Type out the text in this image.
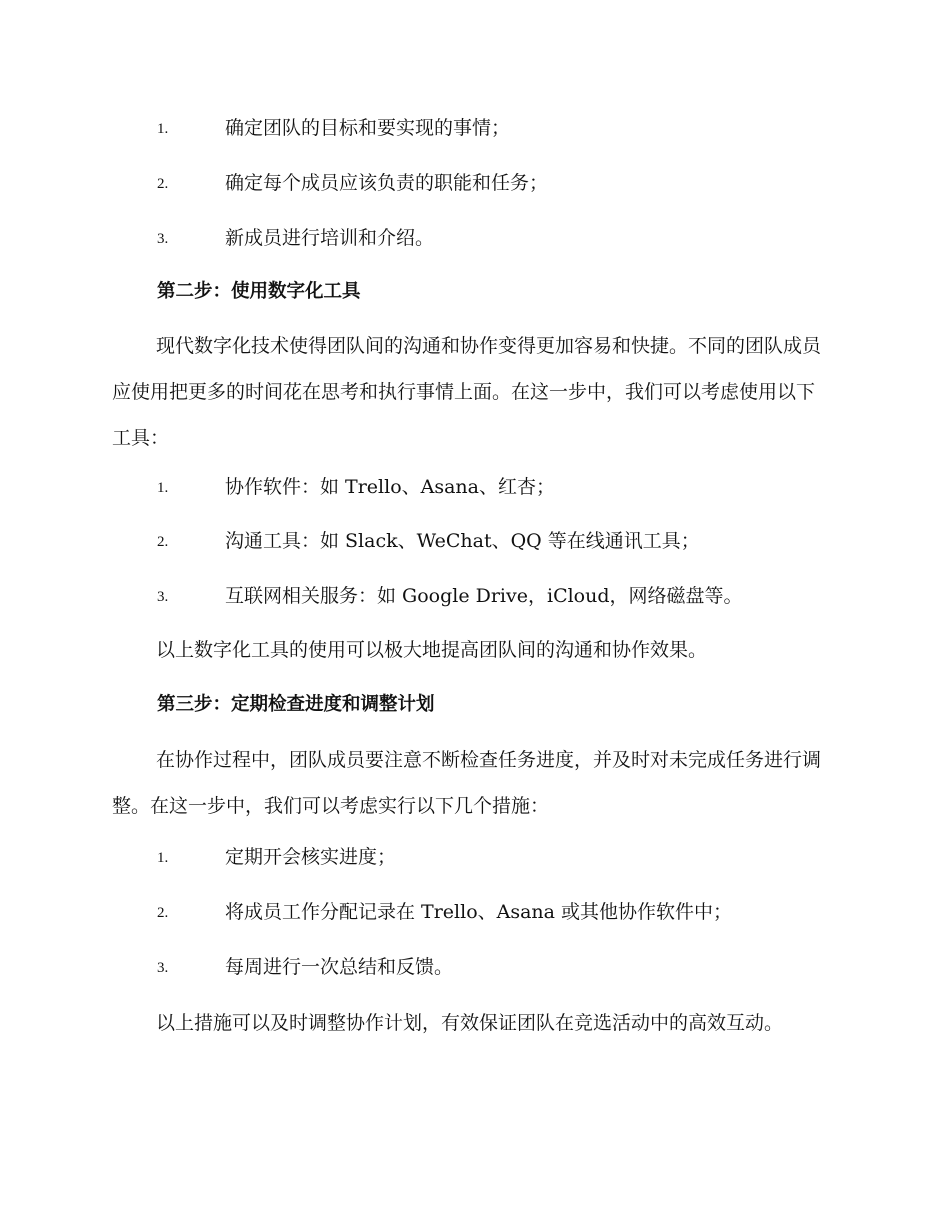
1.	确定团队的目标和要实现的事情；
2.	确定每个成员应该负责的职能和任务；
3.	新成员进行培训和介绍。
第二步：使用数字化工具

现代数字化技术使得团队间的沟通和协作变得更加容易和快捷。不同的团队成员应使用把更多的时间花在思考和执行事情上面。在这一步中，我们可以考虑使用以下工具：

1.	协作软件：如 Trello、Asana、红杏；
2.	沟通工具：如 Slack、WeChat、QQ 等在线通讯工具；
3.	互联网相关服务：如 Google Drive，iCloud，网络磁盘等。

以上数字化工具的使用可以极大地提高团队间的沟通和协作效果。

第三步：定期检查进度和调整计划

在协作过程中，团队成员要注意不断检查任务进度，并及时对未完成任务进行调整。在这一步中，我们可以考虑实行以下几个措施：

1.	定期开会核实进度；
2.	将成员工作分配记录在 Trello、Asana 或其他协作软件中；
3.	每周进行一次总结和反馈。

以上措施可以及时调整协作计划，有效保证团队在竞选活动中的高效互动。
